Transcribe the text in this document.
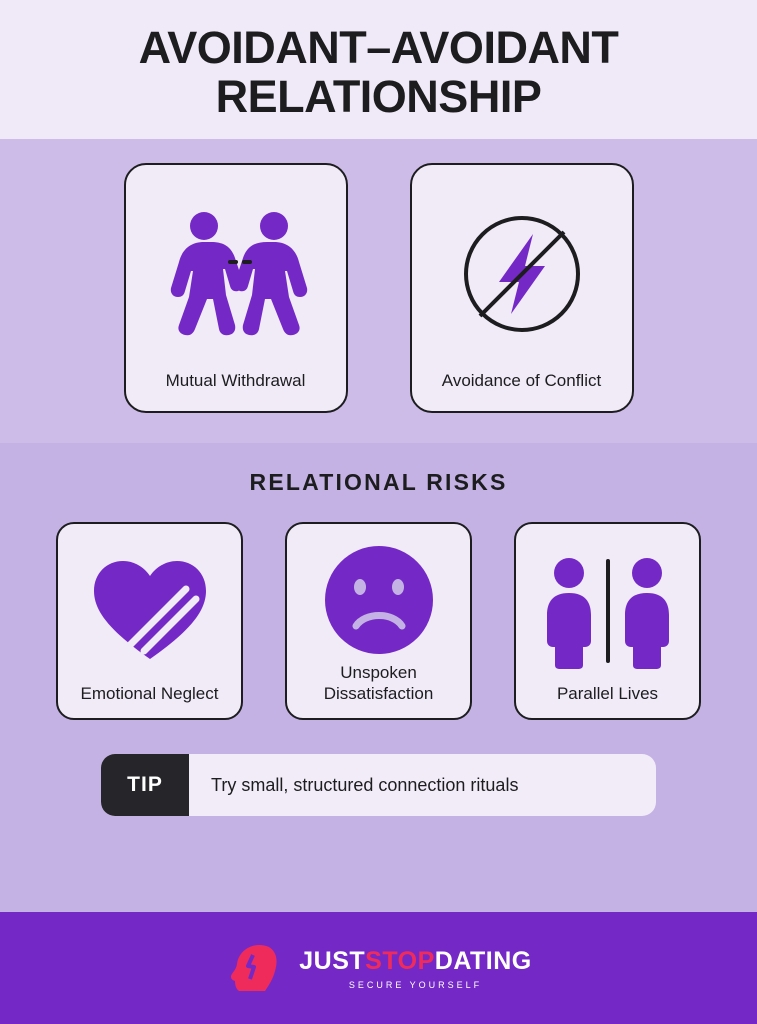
AVOIDANT–AVOIDANT RELATIONSHIP
Mutual Withdrawal	Avoidance of Conflict
RELATIONAL RISKS
Emotional Neglect
Unspoken Dissatisfaction	Parallel Lives
TIP	Try small, structured connection rituals
JUST STOP DATING
SECURE YOURSELF
